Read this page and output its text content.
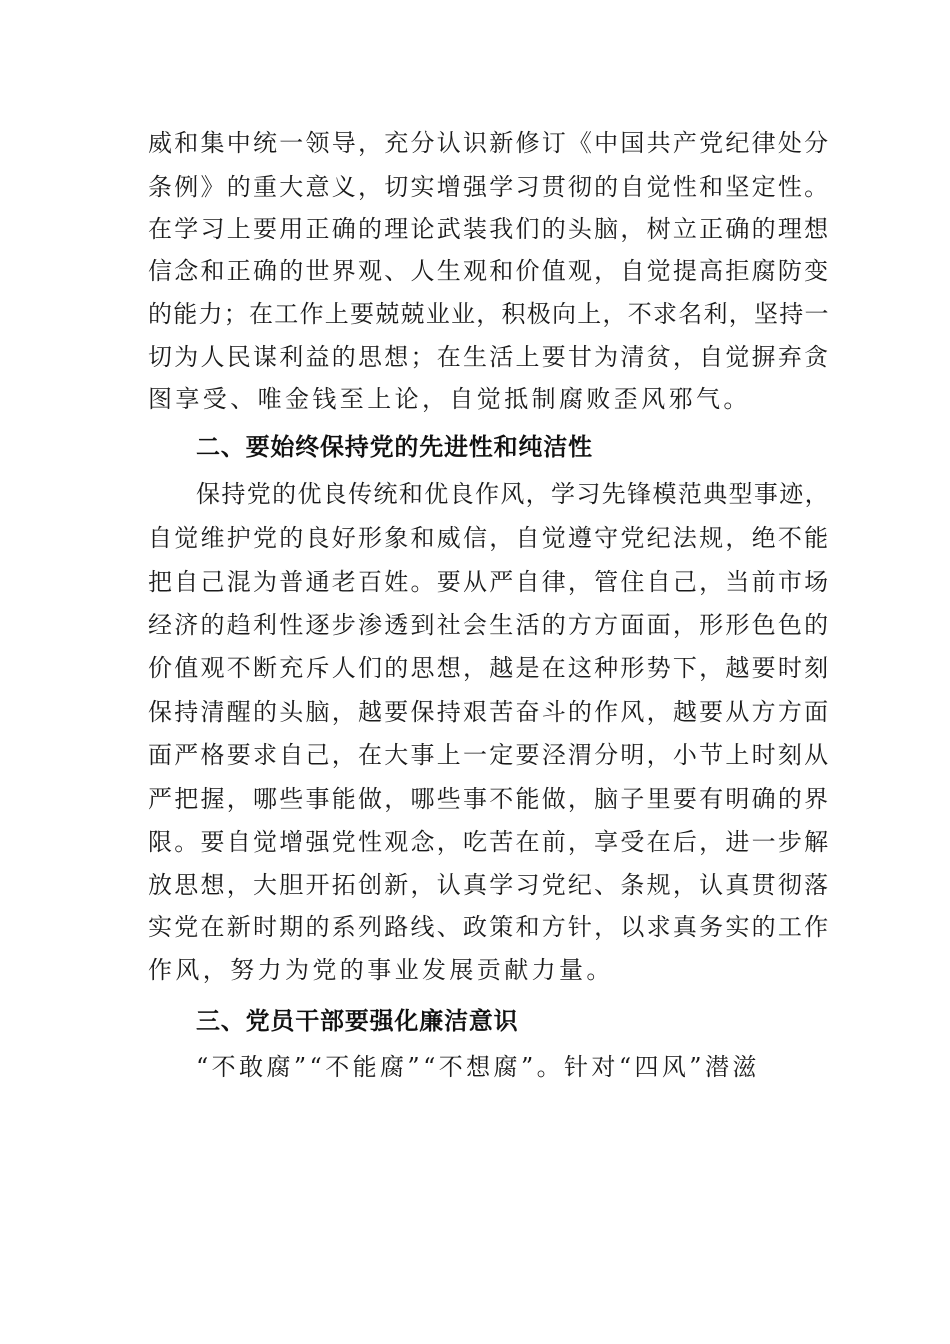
威和集中统一领导，充分认识新修订《中国共产党纪律处分
条例》的重大意义，切实增强学习贯彻的自觉性和坚定性。
在学习上要用正确的理论武装我们的头脑，树立正确的理想
信念和正确的世界观、人生观和价值观，自觉提高拒腐防变
的能力；在工作上要兢兢业业，积极向上，不求名利，坚持一
切为人民谋利益的思想；在生活上要甘为清贫，自觉摒弃贪
图享受、唯金钱至上论，自觉抵制腐败歪风邪气。
二、要始终保持党的先进性和纯洁性
保持党的优良传统和优良作风，学习先锋模范典型事迹，
自觉维护党的良好形象和威信，自觉遵守党纪法规，绝不能
把自己混为普通老百姓。要从严自律，管住自己，当前市场
经济的趋利性逐步渗透到社会生活的方方面面，形形色色的
价值观不断充斥人们的思想，越是在这种形势下，越要时刻
保持清醒的头脑，越要保持艰苦奋斗的作风，越要从方方面
面严格要求自己，在大事上一定要泾渭分明，小节上时刻从
严把握，哪些事能做，哪些事不能做，脑子里要有明确的界
限。要自觉增强党性观念，吃苦在前，享受在后，进一步解
放思想，大胆开拓创新，认真学习党纪、条规，认真贯彻落
实党在新时期的系列路线、政策和方针，以求真务实的工作
作风，努力为党的事业发展贡献力量。
三、党员干部要强化廉洁意识
“不敢腐”“不能腐”“不想腐”。针对“四风”潜滋
